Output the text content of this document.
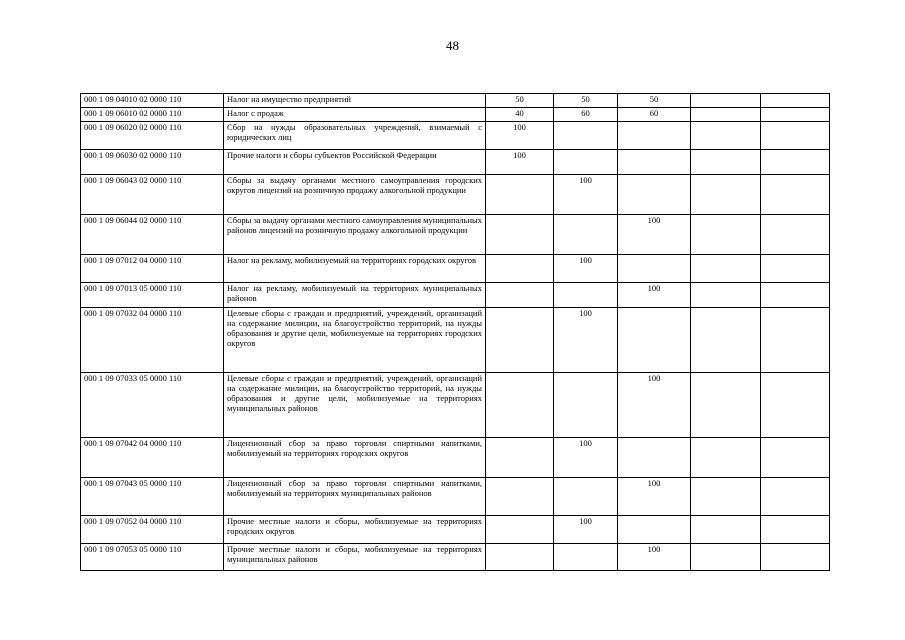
48
000 1 09 04010 02 0000 110	Налог на имущество предприятий	50	50	50		
000 1 09 06010 02 0000 110	Налог с продаж	40	60	60		
000 1 09 06020 02 0000 110	Сбор на нужды образовательных учреждений, взимаемый с юридических лиц	100				
000 1 09 06030 02 0000 110	Прочие налоги и сборы субъектов Российской Федерации	100				
000 1 09 06043 02 0000 110	Сборы за выдачу органами местного самоуправления городских округов лицензий на розничную продажу алкогольной продукции		100			
000 1 09 06044 02 0000 110	Сборы за выдачу органами местного самоуправления муниципальных районов лицензий на розничную продажу алкогольной продукции			100		
000 1 09 07012 04 0000 110	Налог на рекламу, мобилизуемый на территориях городских округов		100			
000 1 09 07013 05 0000 110	Налог на рекламу, мобилизуемый на территориях муниципальных районов			100		
000 1 09 07032 04 0000 110	Целевые сборы с граждан и предприятий, учреждений, организаций на содержание милиции, на благоустройство территорий, на нужды образования и другие цели, мобилизуемые на территориях городских округов		100			
000 1 09 07033 05 0000 110	Целевые сборы с граждан и предприятий, учреждений, организаций на содержание милиции, на благоустройство территорий, на нужды образования и другие цели, мобилизуемые на территориях муниципальных районов			100		
000 1 09 07042 04 0000 110	Лицензионный сбор за право торговли спиртными напитками, мобилизуемый на территориях городских округов		100			
000 1 09 07043 05 0000 110	Лицензионный сбор за право торговли спиртными напитками, мобилизуемый на территориях муниципальных районов			100		
000 1 09 07052 04 0000 110	Прочие местные налоги и сборы, мобилизуемые на территориях городских округов		100			
000 1 09 07053 05 0000 110	Прочие местные налоги и сборы, мобилизуемые на территориях муниципальных районов			100		
